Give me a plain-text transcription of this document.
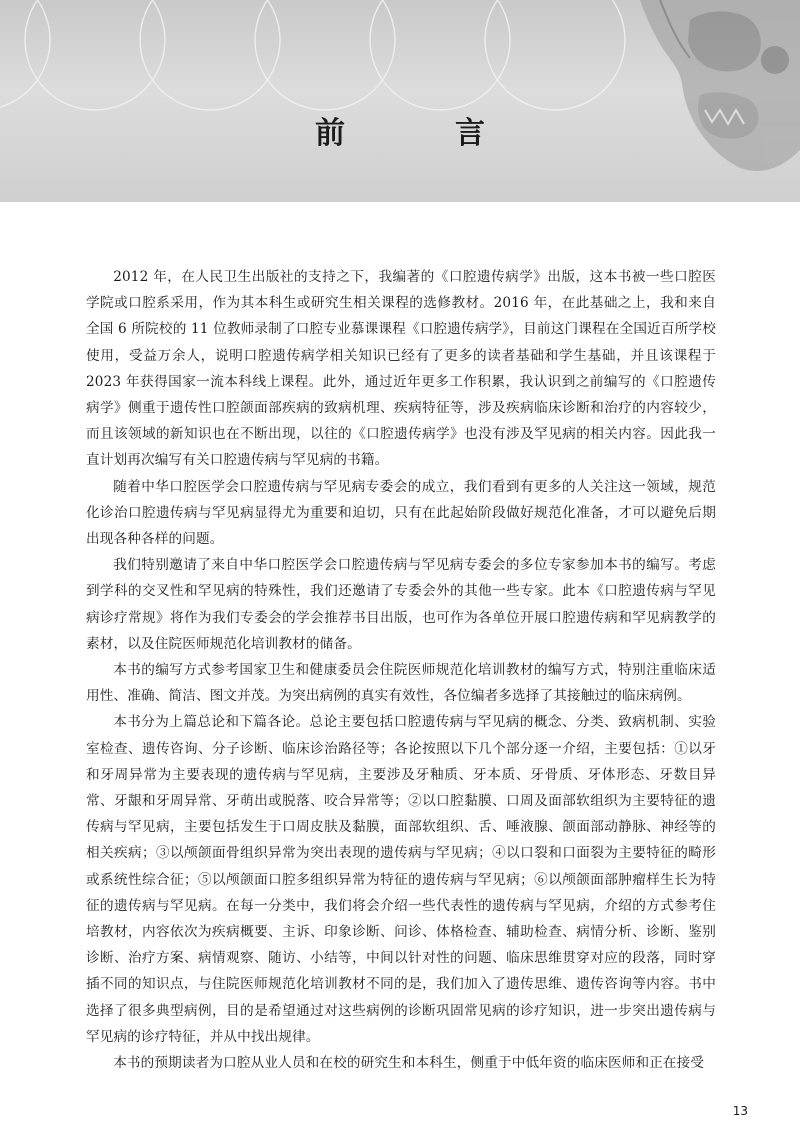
前　言

2012 年，在人民卫生出版社的支持之下，我编著的《口腔遗传病学》出版，这本书被一些口腔医学院或口腔系采用，作为其本科生或研究生相关课程的选修教材。2016 年，在此基础之上，我和来自全国 6 所院校的 11 位教师录制了口腔专业慕课课程《口腔遗传病学》，目前这门课程在全国近百所学校使用，受益万余人，说明口腔遗传病学相关知识已经有了更多的读者基础和学生基础，并且该课程于 2023 年获得国家一流本科线上课程。此外，通过近年更多工作积累，我认识到之前编写的《口腔遗传病学》侧重于遗传性口腔颌面部疾病的致病机理、疾病特征等，涉及疾病临床诊断和治疗的内容较少，而且该领域的新知识也在不断出现，以往的《口腔遗传病学》也没有涉及罕见病的相关内容。因此我一直计划再次编写有关口腔遗传病与罕见病的书籍。

随着中华口腔医学会口腔遗传病与罕见病专委会的成立，我们看到有更多的人关注这一领域，规范化诊治口腔遗传病与罕见病显得尤为重要和迫切，只有在此起始阶段做好规范化准备，才可以避免后期出现各种各样的问题。

我们特别邀请了来自中华口腔医学会口腔遗传病与罕见病专委会的多位专家参加本书的编写。考虑到学科的交叉性和罕见病的特殊性，我们还邀请了专委会外的其他一些专家。此本《口腔遗传病与罕见病诊疗常规》将作为我们专委会的学会推荐书目出版，也可作为各单位开展口腔遗传病和罕见病教学的素材，以及住院医师规范化培训教材的储备。

本书的编写方式参考国家卫生和健康委员会住院医师规范化培训教材的编写方式，特别注重临床适用性、准确、简洁、图文并茂。为突出病例的真实有效性，各位编者多选择了其接触过的临床病例。

本书分为上篇总论和下篇各论。总论主要包括口腔遗传病与罕见病的概念、分类、致病机制、实验室检查、遗传咨询、分子诊断、临床诊治路径等；各论按照以下几个部分逐一介绍，主要包括：①以牙和牙周异常为主要表现的遗传病与罕见病，主要涉及牙釉质、牙本质、牙骨质、牙体形态、牙数目异常、牙龈和牙周异常、牙萌出或脱落、咬合异常等；②以口腔黏膜、口周及面部软组织为主要特征的遗传病与罕见病，主要包括发生于口周皮肤及黏膜，面部软组织、舌、唾液腺、颌面部动静脉、神经等的相关疾病；③以颅颌面骨组织异常为突出表现的遗传病与罕见病；④以口裂和口面裂为主要特征的畸形或系统性综合征；⑤以颅颌面口腔多组织异常为特征的遗传病与罕见病；⑥以颅颌面部肿瘤样生长为特征的遗传病与罕见病。在每一分类中，我们将会介绍一些代表性的遗传病与罕见病，介绍的方式参考住培教材，内容依次为疾病概要、主诉、印象诊断、问诊、体格检查、辅助检查、病情分析、诊断、鉴别诊断、治疗方案、病情观察、随访、小结等，中间以针对性的问题、临床思维贯穿对应的段落，同时穿插不同的知识点，与住院医师规范化培训教材不同的是，我们加入了遗传思维、遗传咨询等内容。书中选择了很多典型病例，目的是希望通过对这些病例的诊断巩固常见病的诊疗知识，进一步突出遗传病与罕见病的诊疗特征，并从中找出规律。

本书的预期读者为口腔从业人员和在校的研究生和本科生，侧重于中低年资的临床医师和正在接受

13
